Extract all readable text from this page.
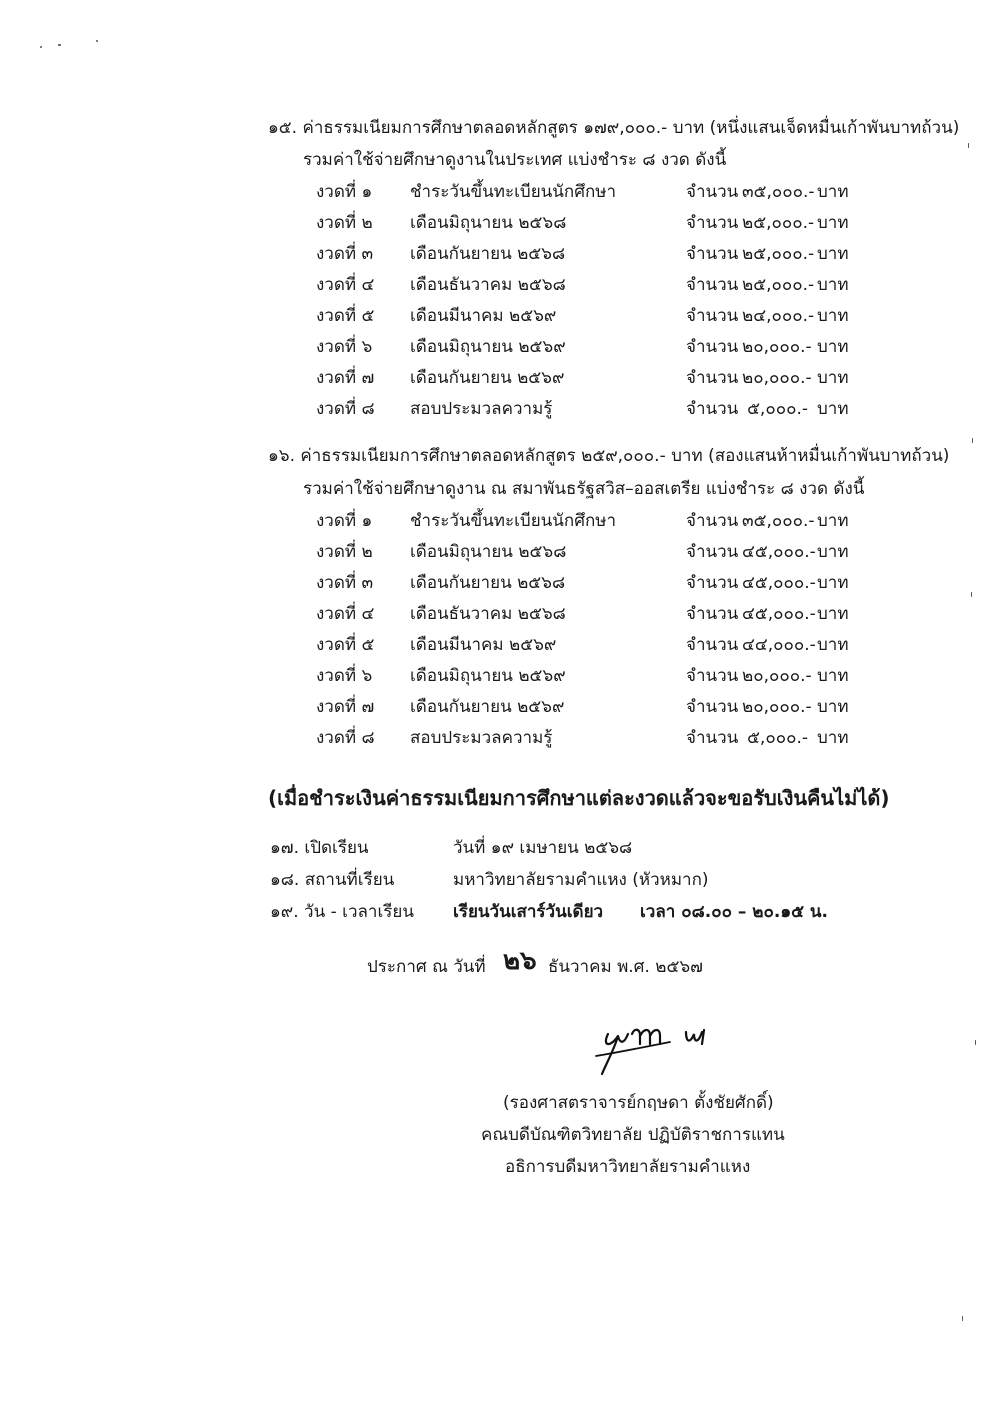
๑๕. ค่าธรรมเนียมการศึกษาตลอดหลักสูตร ๑๗๙,๐๐๐.- บาท (หนึ่งแสนเจ็ดหมื่นเก้าพันบาทถ้วน)
รวมค่าใช้จ่ายศึกษาดูงานในประเทศ แบ่งชำระ ๘ งวด ดังนี้
งวดที่ ๑ ชำระวันขึ้นทะเบียนนักศึกษา	จำนวน ๓๕,๐๐๐.- บาท
งวดที่ ๒ เดือนมิถุนายน ๒๕๖๘	จำนวน ๒๕,๐๐๐.- บาท
งวดที่ ๓ เดือนกันยายน ๒๕๖๘	จำนวน ๒๕,๐๐๐.- บาท
งวดที่ ๔ เดือนธันวาคม ๒๕๖๘	จำนวน ๒๕,๐๐๐.- บาท
งวดที่ ๕ เดือนมีนาคม ๒๕๖๙	จำนวน ๒๔,๐๐๐.- บาท
งวดที่ ๖ เดือนมิถุนายน ๒๕๖๙	จำนวน ๒๐,๐๐๐.- บาท
งวดที่ ๗ เดือนกันยายน ๒๕๖๙	จำนวน ๒๐,๐๐๐.- บาท
งวดที่ ๘ สอบประมวลความรู้	จำนวน ๕,๐๐๐.- บาท
๑๖. ค่าธรรมเนียมการศึกษาตลอดหลักสูตร ๒๕๙,๐๐๐.- บาท (สองแสนห้าหมื่นเก้าพันบาทถ้วน)
รวมค่าใช้จ่ายศึกษาดูงาน ณ สมาพันธรัฐสวิส–ออสเตรีย แบ่งชำระ ๘ งวด ดังนี้
งวดที่ ๑ ชำระวันขึ้นทะเบียนนักศึกษา	จำนวน ๓๕,๐๐๐.- บาท
งวดที่ ๒ เดือนมิถุนายน ๒๕๖๘	จำนวน ๔๕,๐๐๐.- บาท
งวดที่ ๓ เดือนกันยายน ๒๕๖๘	จำนวน ๔๕,๐๐๐.- บาท
งวดที่ ๔ เดือนธันวาคม ๒๕๖๘	จำนวน ๔๕,๐๐๐.- บาท
งวดที่ ๕ เดือนมีนาคม ๒๕๖๙	จำนวน ๔๔,๐๐๐.- บาท
งวดที่ ๖ เดือนมิถุนายน ๒๕๖๙	จำนวน ๒๐,๐๐๐.- บาท
งวดที่ ๗ เดือนกันยายน ๒๕๖๙	จำนวน ๒๐,๐๐๐.- บาท
งวดที่ ๘ สอบประมวลความรู้	จำนวน ๕,๐๐๐.- บาท
(เมื่อชำระเงินค่าธรรมเนียมการศึกษาแต่ละงวดแล้วจะขอรับเงินคืนไม่ได้)
๑๗. เปิดเรียน	วันที่ ๑๙ เมษายน ๒๕๖๘
๑๘. สถานที่เรียน	มหาวิทยาลัยรามคำแหง (หัวหมาก)
๑๙. วัน - เวลาเรียน เรียนวันเสาร์วันเดียว เวลา ๐๘.๐๐ – ๒๐.๑๕ น.
ประกาศ ณ วันที่ ๒๖ ธันวาคม พ.ศ. ๒๕๖๗
(รองศาสตราจารย์กฤษดา ตั้งชัยศักดิ์)
คณบดีบัณฑิตวิทยาลัย ปฏิบัติราชการแทน
อธิการบดีมหาวิทยาลัยรามคำแหง
